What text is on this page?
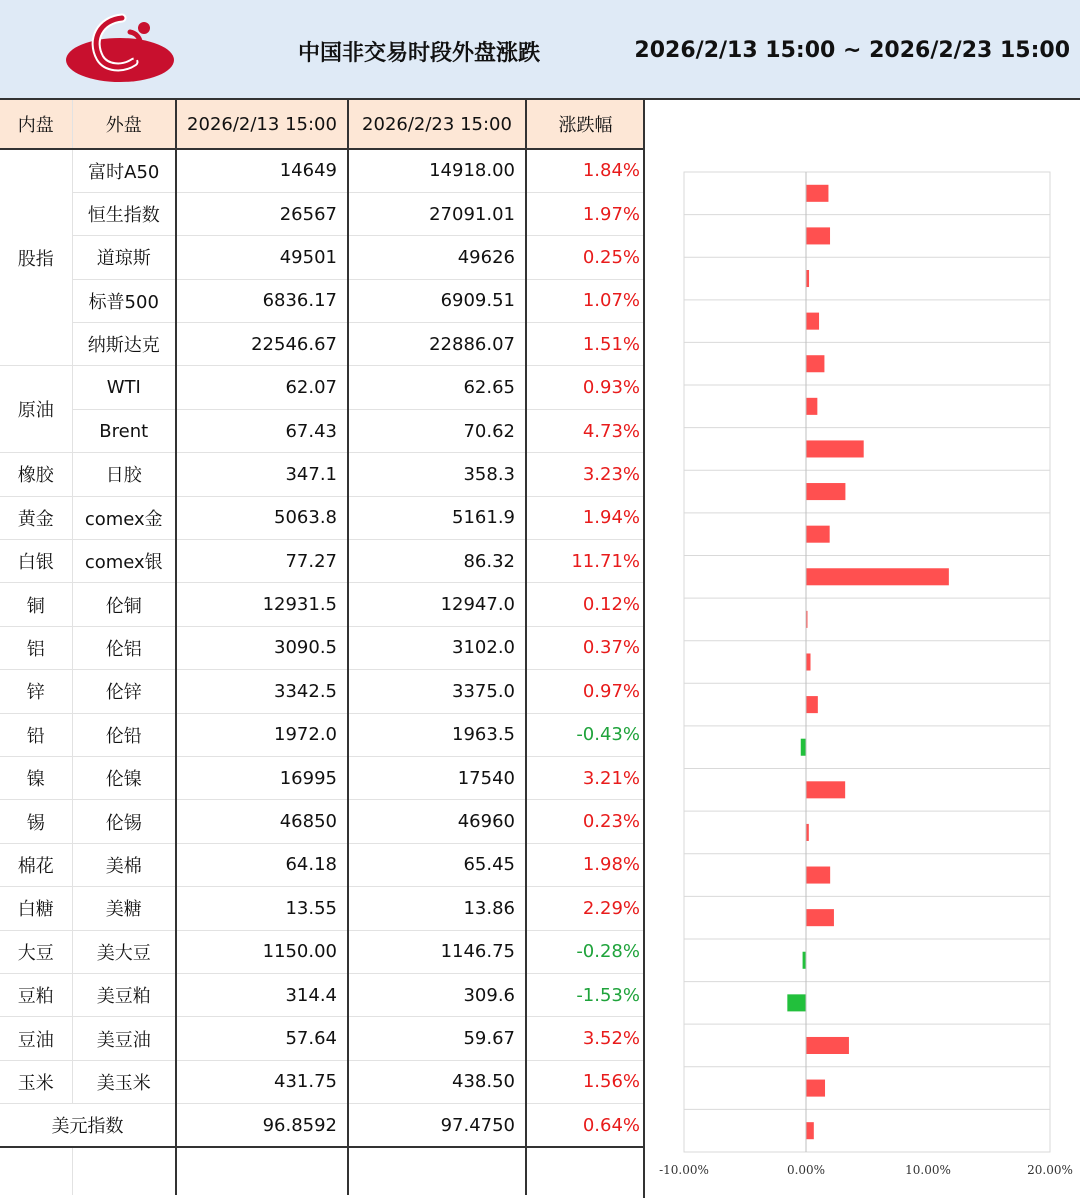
中国非交易时段外盘涨跌	2026/2/13 15:00 ~ 2026/2/23 15:00
内盘	外盘	2026/2/13 15:00	2026/2/23 15:00	涨跌幅
股指	富时A50	14649	14918.00	1.84%
	恒生指数	26567	27091.01	1.97%
	道琼斯	49501	49626	0.25%
	标普500	6836.17	6909.51	1.07%
	纳斯达克	22546.67	22886.07	1.51%
原油	WTI	62.07	62.65	0.93%
	Brent	67.43	70.62	4.73%
橡胶	日胶	347.1	358.3	3.23%
黄金	comex金	5063.8	5161.9	1.94%
白银	comex银	77.27	86.32	11.71%
铜	伦铜	12931.5	12947.0	0.12%
铝	伦铝	3090.5	3102.0	0.37%
锌	伦锌	3342.5	3375.0	0.97%
铅	伦铅	1972.0	1963.5	-0.43%
镍	伦镍	16995	17540	3.21%
锡	伦锡	46850	46960	0.23%
棉花	美棉	64.18	65.45	1.98%
白糖	美糖	13.55	13.86	2.29%
大豆	美大豆	1150.00	1146.75	-0.28%
豆粕	美豆粕	314.4	309.6	-1.53%
豆油	美豆油	57.64	59.67	3.52%
玉米	美玉米	431.75	438.50	1.56%
美元指数		96.8592	97.4750	0.64%

-10.00%	0.00%	10.00%	20.00%
